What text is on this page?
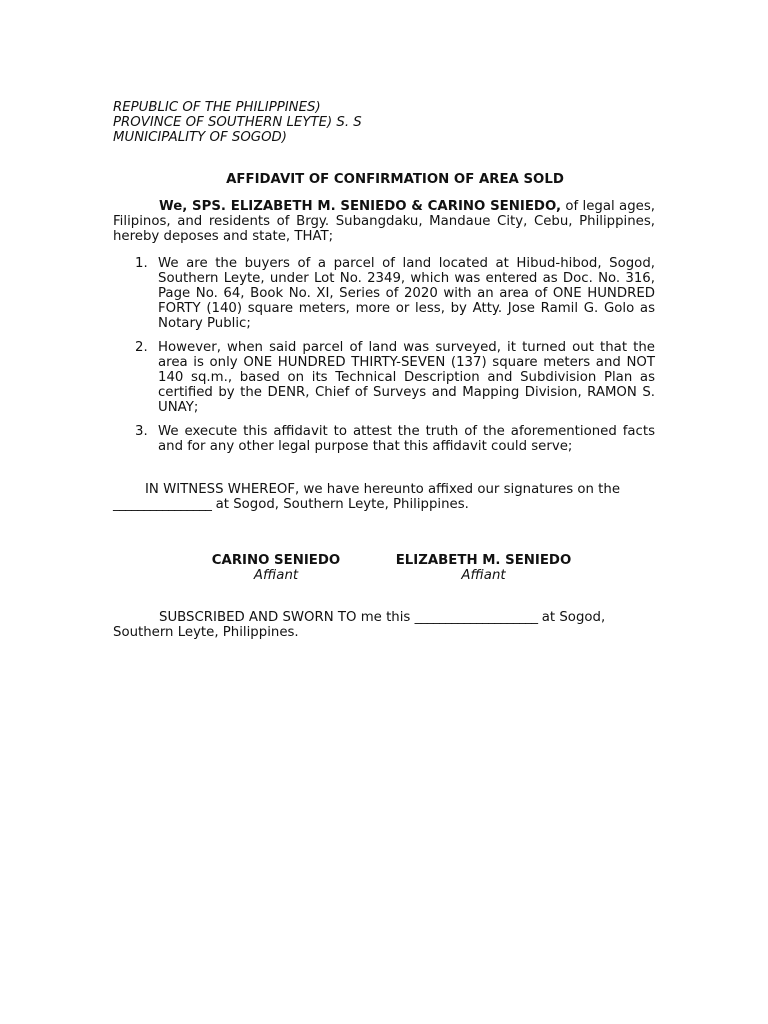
REPUBLIC OF THE PHILIPPINES)
PROVINCE OF SOUTHERN LEYTE) S. S
MUNICIPALITY OF SOGOD)
AFFIDAVIT OF CONFIRMATION OF AREA SOLD
We, SPS. ELIZABETH M. SENIEDO & CARINO SENIEDO, of legal ages, Filipinos, and residents of Brgy. Subangdaku, Mandaue City, Cebu, Philippines, hereby deposes and state, THAT;
1. We are the buyers of a parcel of land located at Hibud-hibod, Sogod, Southern Leyte, under Lot No. 2349, which was entered as Doc. No. 316, Page No. 64, Book No. XI, Series of 2020 with an area of ONE HUNDRED FORTY (140) square meters, more or less, by Atty. Jose Ramil G. Golo as Notary Public;
2. However, when said parcel of land was surveyed, it turned out that the area is only ONE HUNDRED THIRTY-SEVEN (137) square meters and NOT 140 sq.m., based on its Technical Description and Subdivision Plan as certified by the DENR, Chief of Surveys and Mapping Division, RAMON S. UNAY;
3. We execute this affidavit to attest the truth of the aforementioned facts and for any other legal purpose that this affidavit could serve;
IN WITNESS WHEREOF, we have hereunto affixed our signatures on the ________________ at Sogod, Southern Leyte, Philippines.
CARINO SENIEDO
Affiant
ELIZABETH M. SENIEDO
Affiant
SUBSCRIBED AND SWORN TO me this ____________________ at Sogod, Southern Leyte, Philippines.
